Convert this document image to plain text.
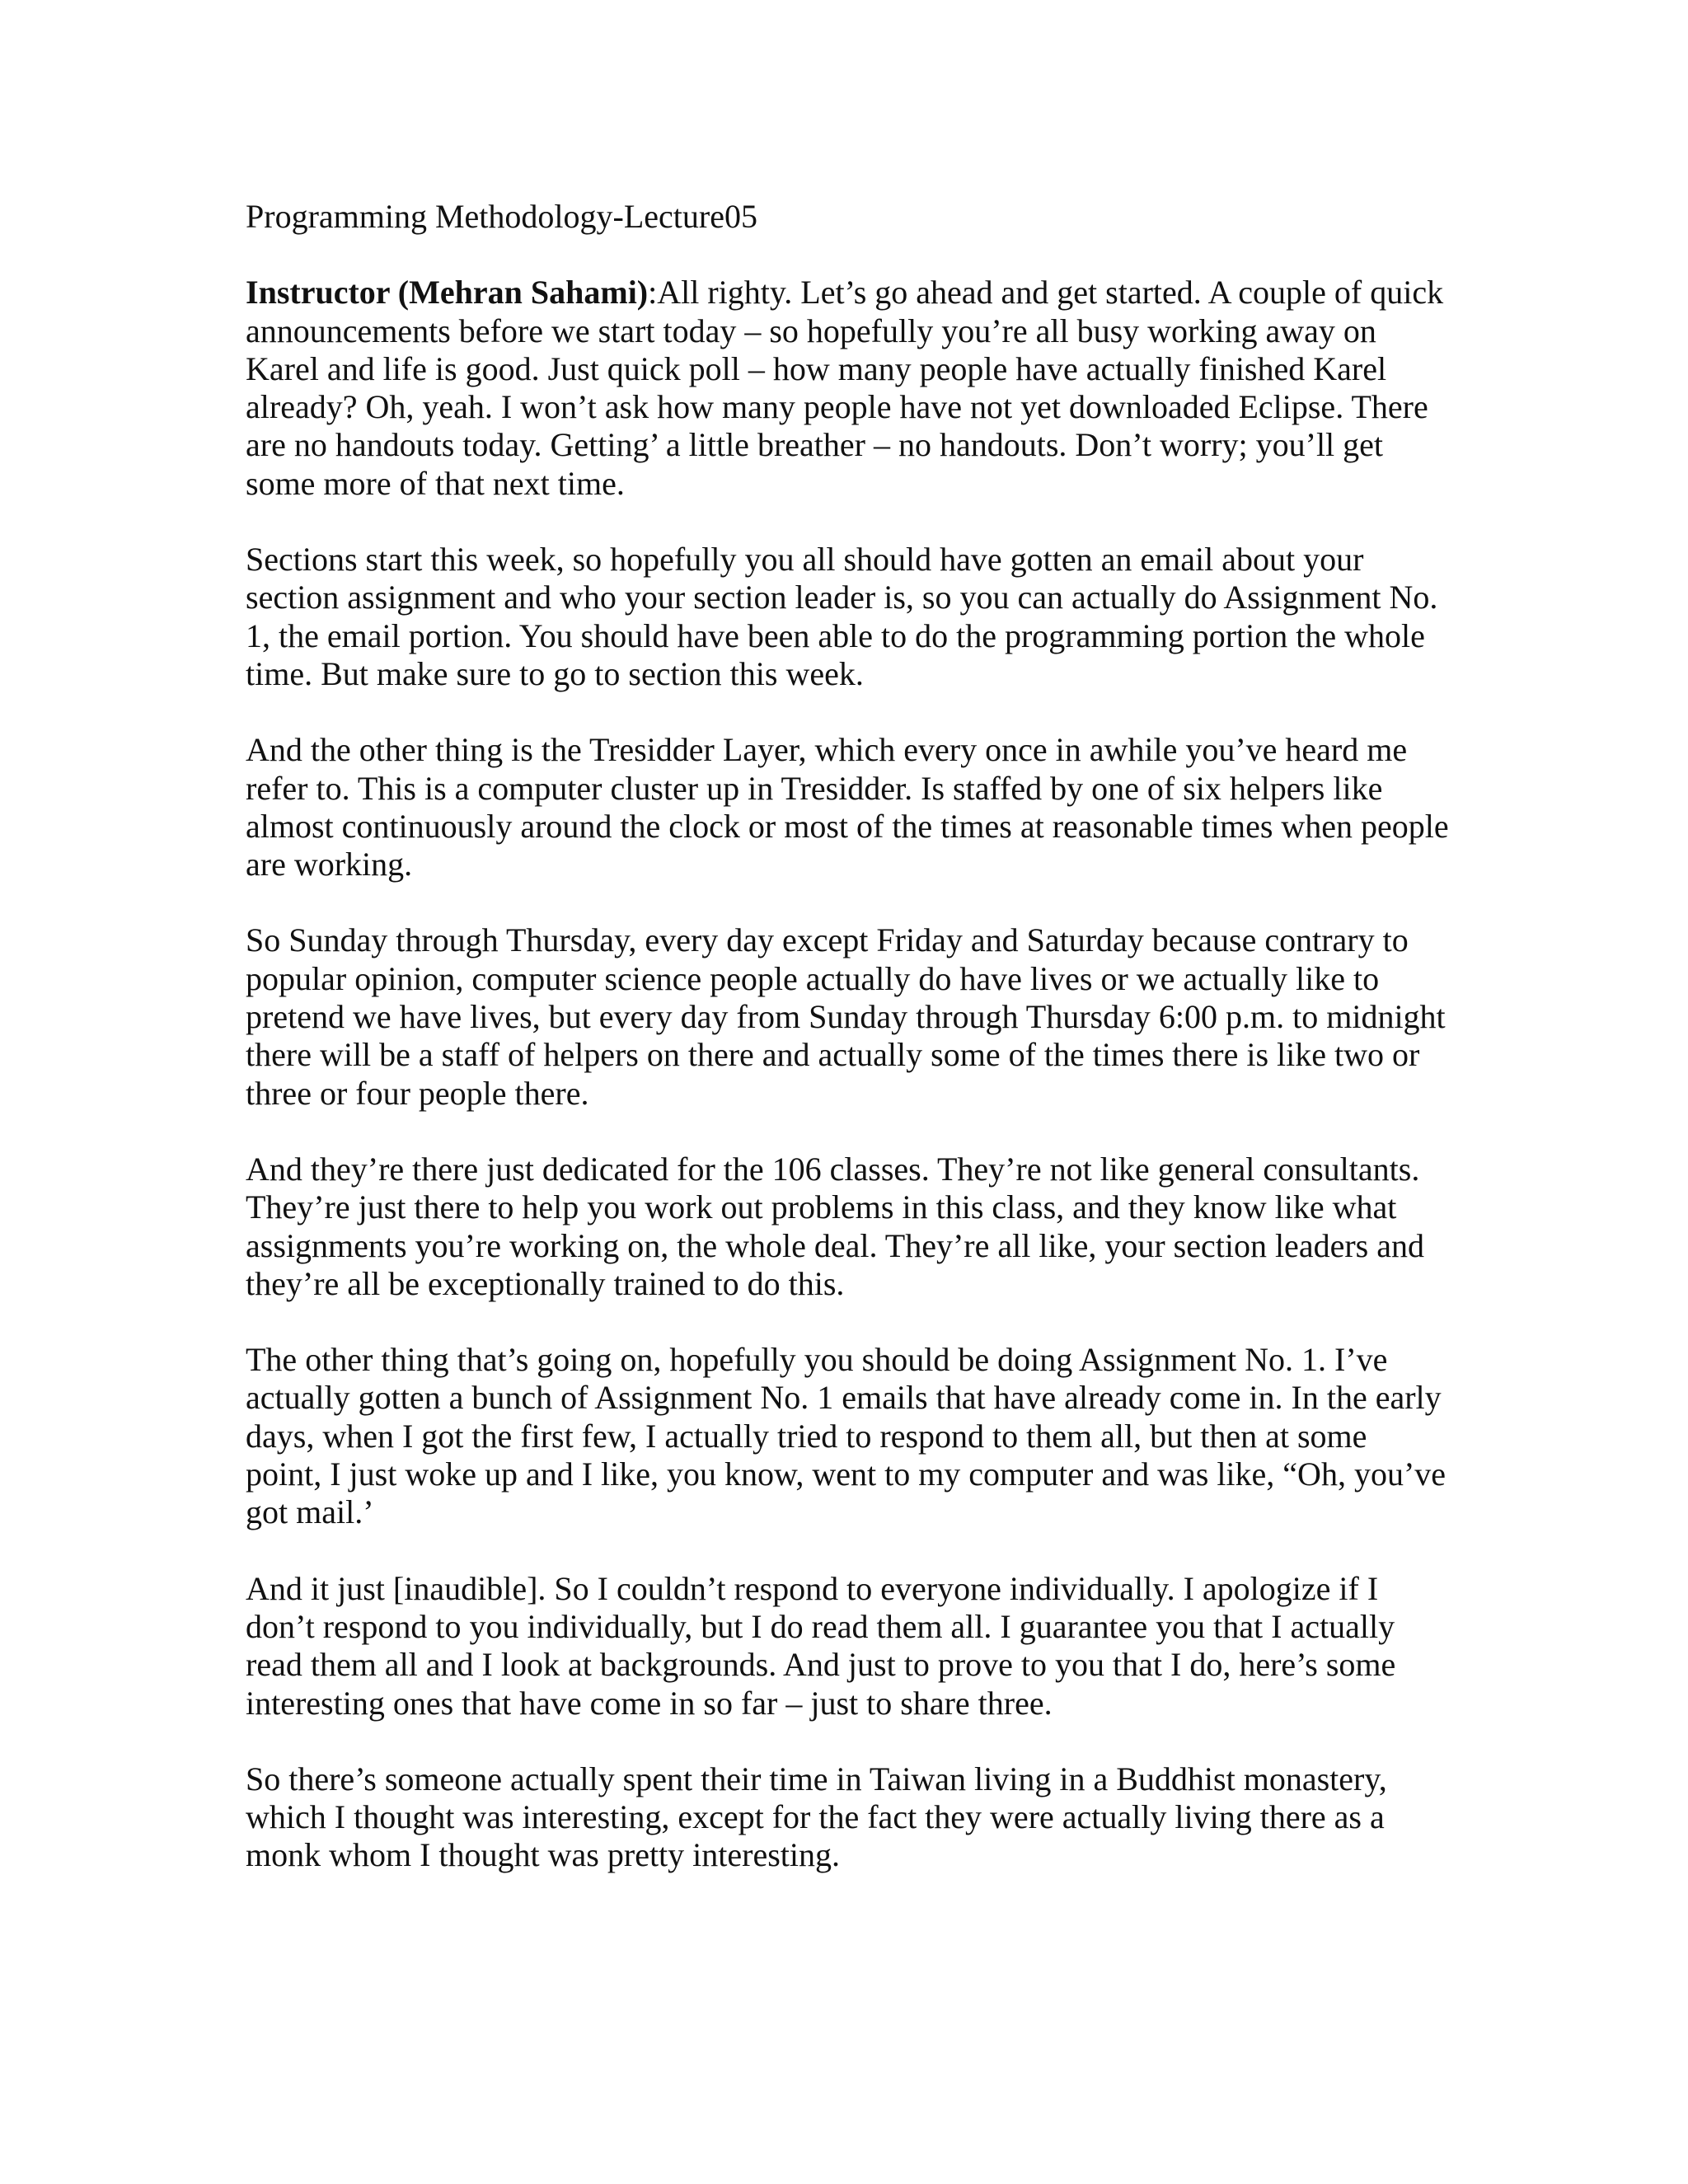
Programming Methodology-Lecture05

Instructor (Mehran Sahami):All righty. Let’s go ahead and get started. A couple of quick announcements before we start today – so hopefully you’re all busy working away on Karel and life is good. Just quick poll – how many people have actually finished Karel already? Oh, yeah. I won’t ask how many people have not yet downloaded Eclipse. There are no handouts today. Getting’ a little breather – no handouts. Don’t worry; you’ll get some more of that next time.

Sections start this week, so hopefully you all should have gotten an email about your section assignment and who your section leader is, so you can actually do Assignment No. 1, the email portion. You should have been able to do the programming portion the whole time. But make sure to go to section this week.

And the other thing is the Tresidder Layer, which every once in awhile you’ve heard me refer to. This is a computer cluster up in Tresidder. Is staffed by one of six helpers like almost continuously around the clock or most of the times at reasonable times when people are working.

So Sunday through Thursday, every day except Friday and Saturday because contrary to popular opinion, computer science people actually do have lives or we actually like to pretend we have lives, but every day from Sunday through Thursday 6:00 p.m. to midnight there will be a staff of helpers on there and actually some of the times there is like two or three or four people there.

And they’re there just dedicated for the 106 classes. They’re not like general consultants. They’re just there to help you work out problems in this class, and they know like what assignments you’re working on, the whole deal. They’re all like, your section leaders and they’re all be exceptionally trained to do this.

The other thing that’s going on, hopefully you should be doing Assignment No. 1. I’ve actually gotten a bunch of Assignment No. 1 emails that have already come in. In the early days, when I got the first few, I actually tried to respond to them all, but then at some point, I just woke up and I like, you know, went to my computer and was like, “Oh, you’ve got mail.’

And it just [inaudible]. So I couldn’t respond to everyone individually. I apologize if I don’t respond to you individually, but I do read them all. I guarantee you that I actually read them all and I look at backgrounds. And just to prove to you that I do, here’s some interesting ones that have come in so far – just to share three.

So there’s someone actually spent their time in Taiwan living in a Buddhist monastery, which I thought was interesting, except for the fact they were actually living there as a monk whom I thought was pretty interesting.
